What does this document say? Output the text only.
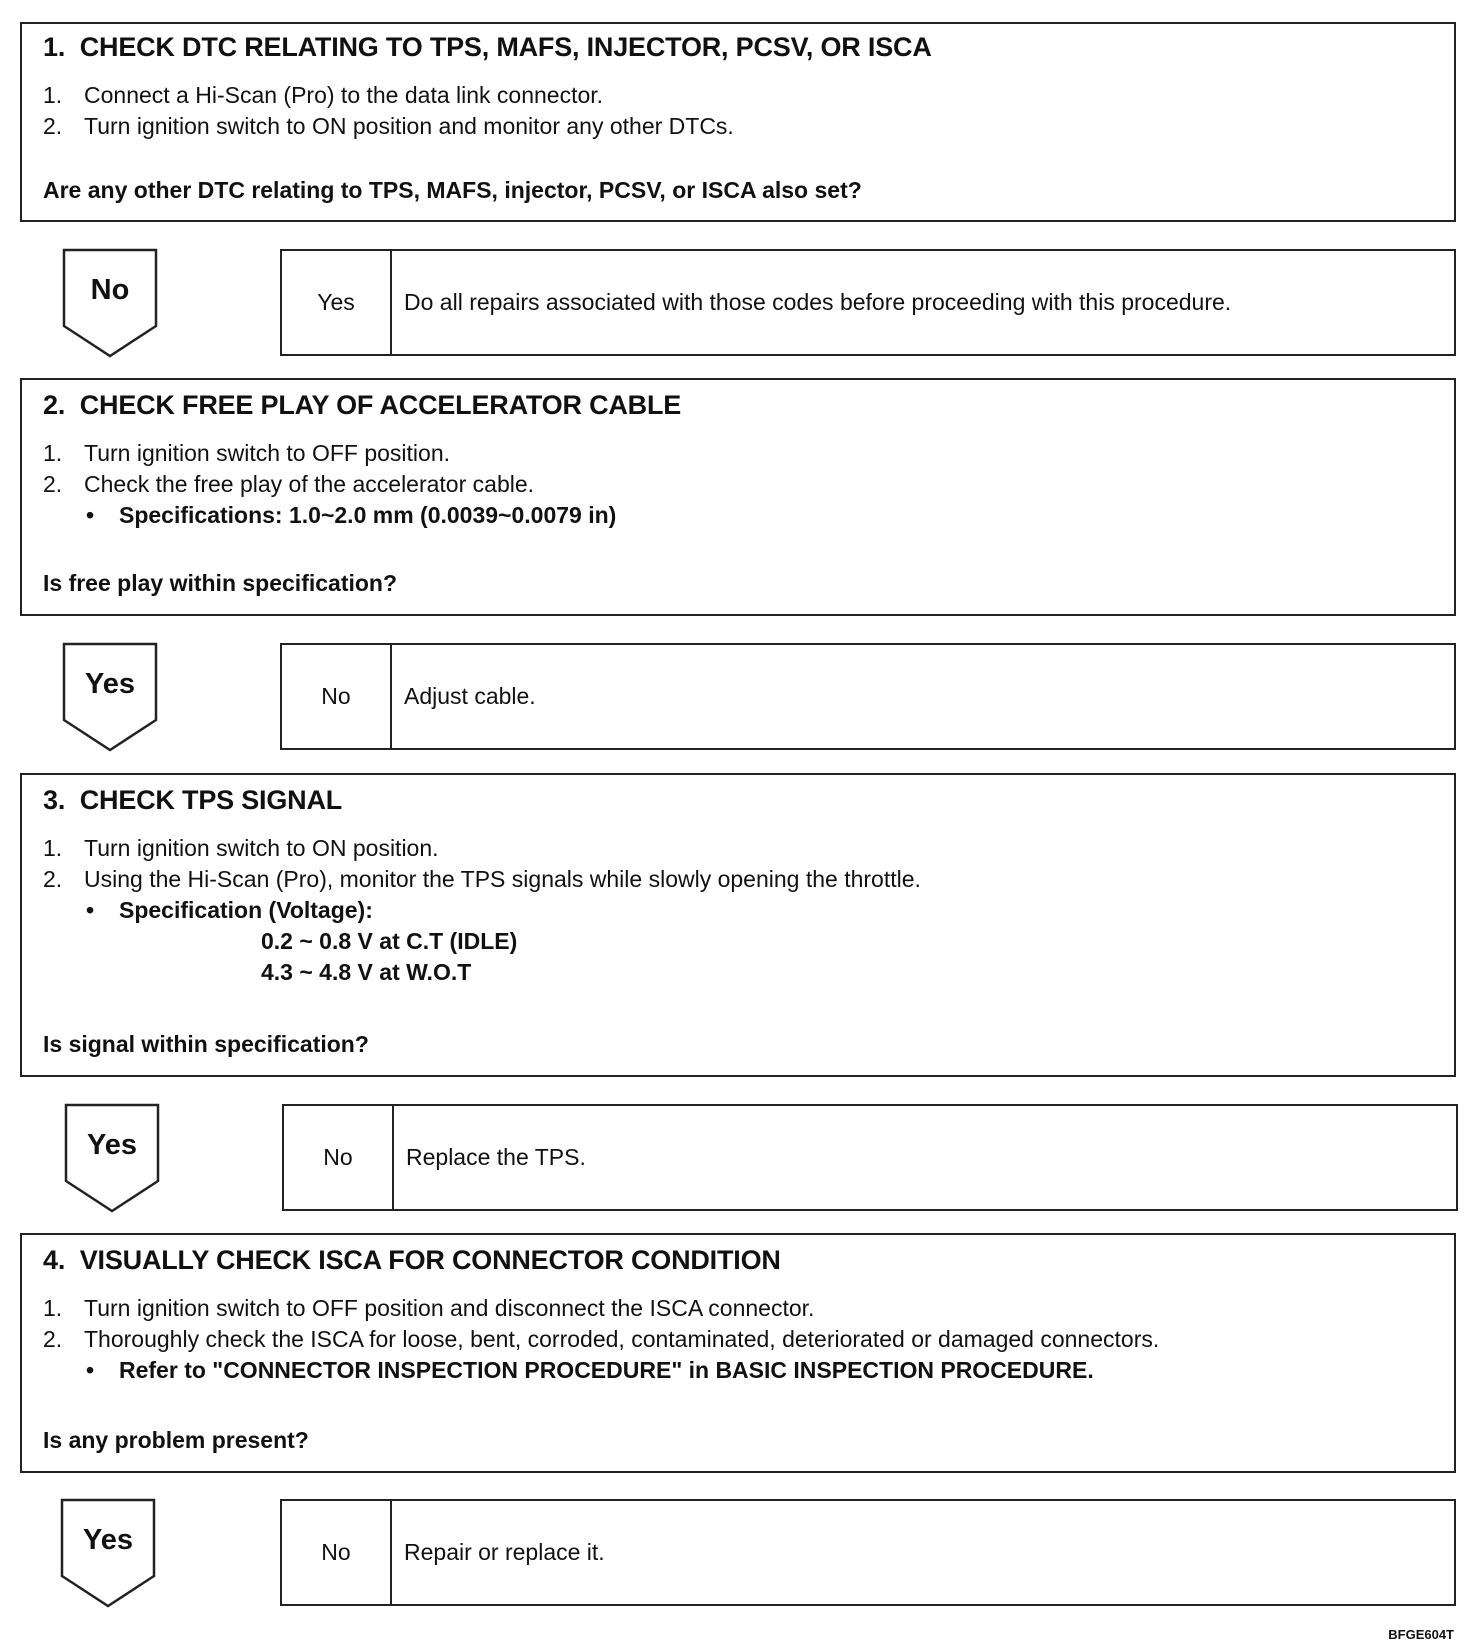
1.  CHECK DTC RELATING TO TPS, MAFS, INJECTOR, PCSV, OR ISCA
1. Connect a Hi-Scan (Pro) to the data link connector.
2. Turn ignition switch to ON position and monitor any other DTCs.
Are any other DTC relating to TPS, MAFS, injector, PCSV, or ISCA also set?
No	Yes	Do all repairs associated with those codes before proceeding with this procedure.
2.  CHECK FREE PLAY OF ACCELERATOR CABLE
1. Turn ignition switch to OFF position.
2. Check the free play of the accelerator cable.
• Specifications: 1.0~2.0 mm (0.0039~0.0079 in)
Is free play within specification?
Yes	No	Adjust cable.
3.  CHECK TPS SIGNAL
1. Turn ignition switch to ON position.
2. Using the Hi-Scan (Pro), monitor the TPS signals while slowly opening the throttle.
• Specification (Voltage):
0.2 ~ 0.8 V at C.T (IDLE)
4.3 ~ 4.8 V at W.O.T
Is signal within specification?
Yes	No	Replace the TPS.
4.  VISUALLY CHECK ISCA FOR CONNECTOR CONDITION
1. Turn ignition switch to OFF position and disconnect the ISCA connector.
2. Thoroughly check the ISCA for loose, bent, corroded, contaminated, deteriorated or damaged connectors.
• Refer to "CONNECTOR INSPECTION PROCEDURE" in BASIC INSPECTION PROCEDURE.
Is any problem present?
Yes	No	Repair or replace it.
BFGE604T
